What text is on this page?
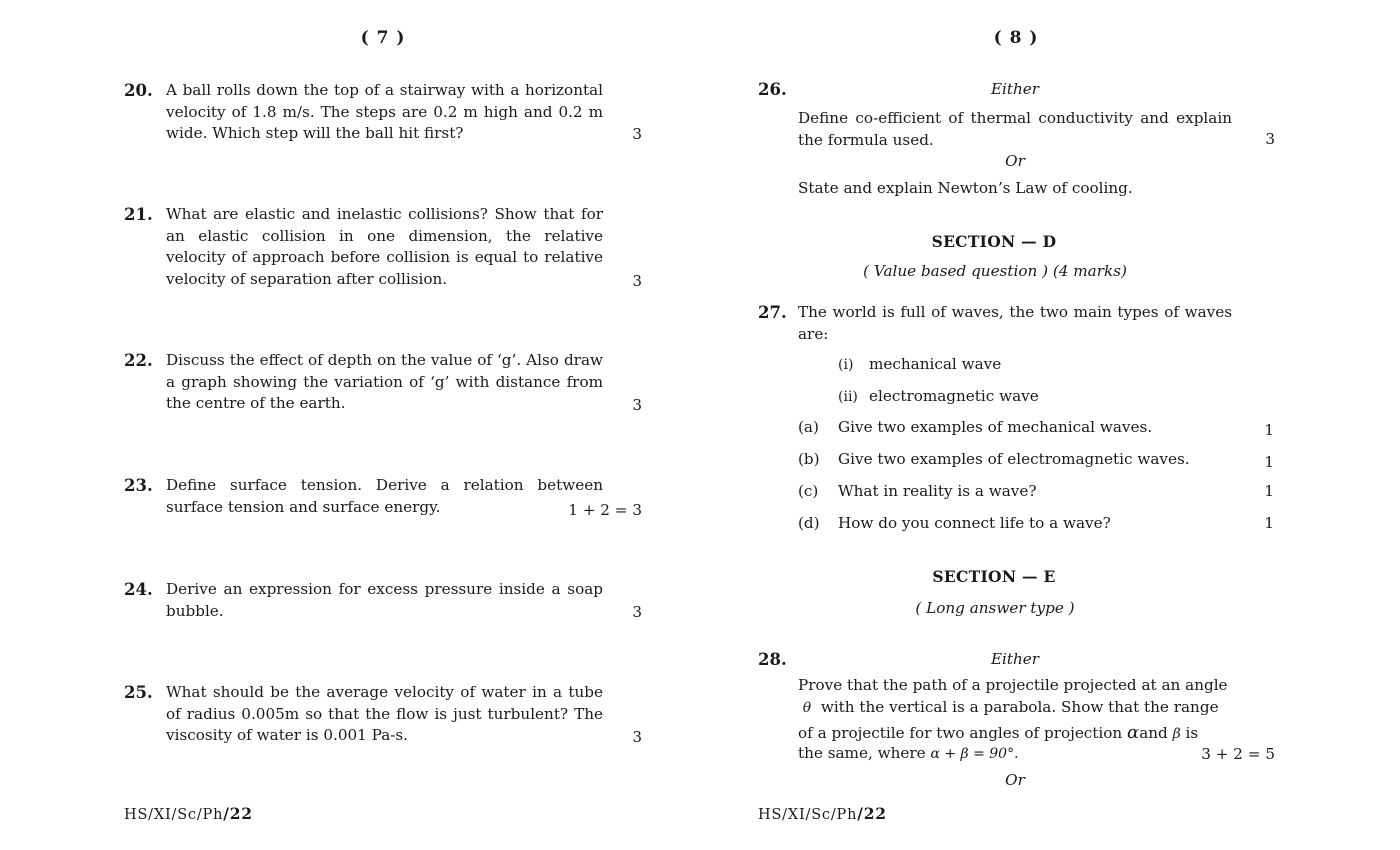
( 7 )
20. A ball rolls down the top of a stairway with a horizontal velocity of 1.8 m/s. The steps are 0.2 m high and 0.2 m wide. Which step will the ball hit first?	3
21. What are elastic and inelastic collisions? Show that for an elastic collision in one dimension, the relative velocity of approach before collision is equal to relative velocity of separation after collision.	3
22. Discuss the effect of depth on the value of ‘g’. Also draw a graph showing the variation of ‘g’ with distance from the centre of the earth.	3
23. Define surface tension. Derive a relation between surface tension and surface energy.	1 + 2 = 3
24. Derive an expression for excess pressure inside a soap bubble.	3
25. What should be the average velocity of water in a tube of radius 0.005m so that the flow is just turbulent? The viscosity of water is 0.001 Pa-s.	3
HS/XI/Sc/Ph/22
( 8 )
26.	Either
Define co-efficient of thermal conductivity and explain the formula used.	3
Or
State and explain Newton’s Law of cooling.
SECTION — D
( Value based question ) (4 marks)
27. The world is full of waves, the two main types of waves are:
(i) mechanical wave
(ii) electromagnetic wave
(a) Give two examples of mechanical waves.	1
(b) Give two examples of electromagnetic waves.	1
(c) What in reality is a wave?	1
(d) How do you connect life to a wave?	1
SECTION — E
( Long answer type )
28.	Either
Prove that the path of a projectile projected at an angle
θ with the vertical is a parabola. Show that the range
of a projectile for two angles of projection αand β is
the same, where α + β = 90°.	3 + 2 = 5
Or
HS/XI/Sc/Ph/22
